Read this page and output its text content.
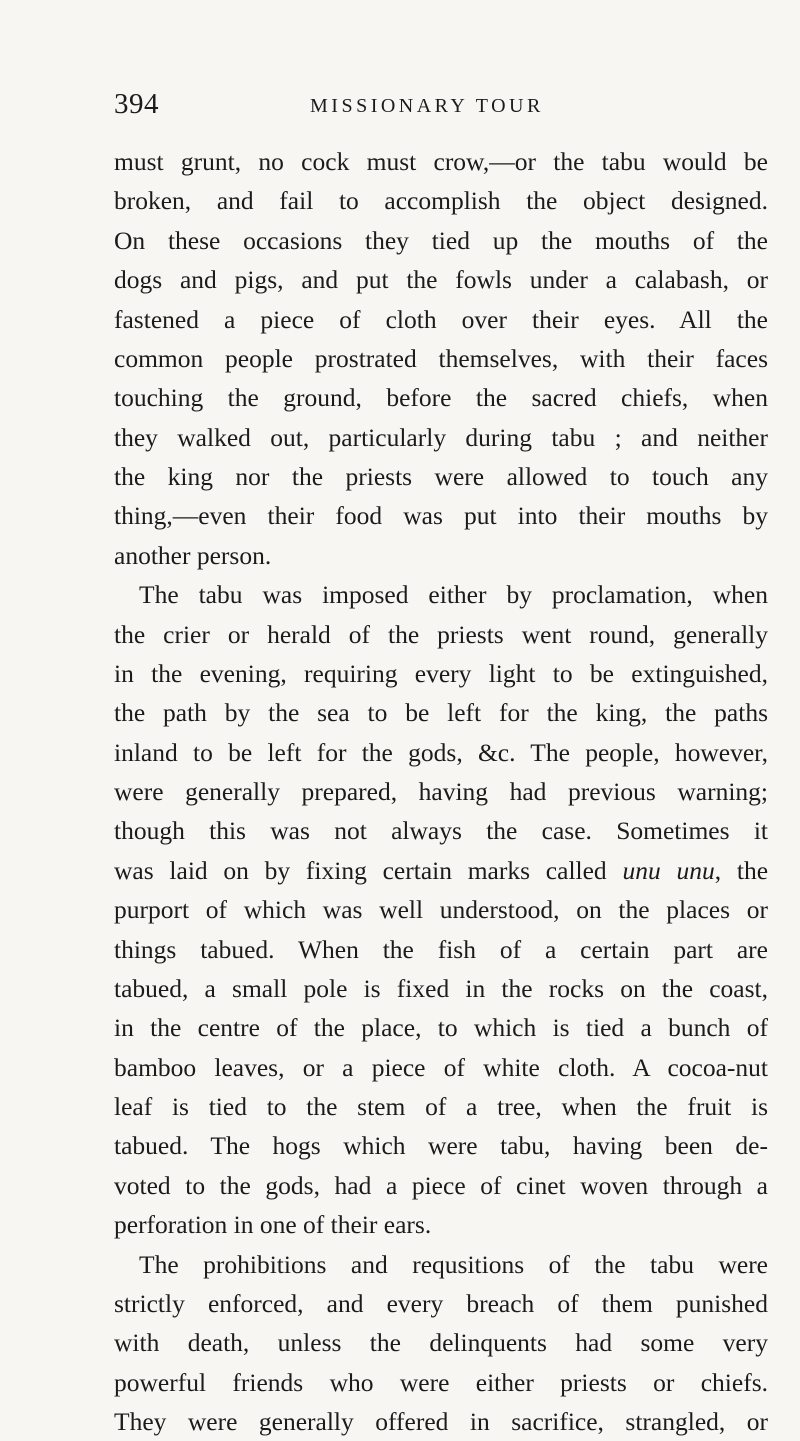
394	MISSIONARY TOUR
must grunt, no cock must crow,—or the tabu would be
broken, and fail to accomplish the object designed.
On these occasions they tied up the mouths of the
dogs and pigs, and put the fowls under a calabash, or
fastened a piece of cloth over their eyes. All the
common people prostrated themselves, with their faces
touching the ground, before the sacred chiefs, when
they walked out, particularly during tabu ; and neither
the king nor the priests were allowed to touch any
thing,—even their food was put into their mouths by
another person.
The tabu was imposed either by proclamation, when
the crier or herald of the priests went round, generally
in the evening, requiring every light to be extinguished,
the path by the sea to be left for the king, the paths
inland to be left for the gods, &c. The people, however,
were generally prepared, having had previous warning;
though this was not always the case. Sometimes it
was laid on by fixing certain marks called unu unu, the
purport of which was well understood, on the places or
things tabued. When the fish of a certain part are
tabued, a small pole is fixed in the rocks on the coast,
in the centre of the place, to which is tied a bunch of
bamboo leaves, or a piece of white cloth. A cocoa-nut
leaf is tied to the stem of a tree, when the fruit is
tabued. The hogs which were tabu, having been de-
voted to the gods, had a piece of cinet woven through a
perforation in one of their ears.
The prohibitions and requsitions of the tabu were
strictly enforced, and every breach of them punished
with death, unless the delinquents had some very
powerful friends who were either priests or chiefs.
They were generally offered in sacrifice, strangled, or
